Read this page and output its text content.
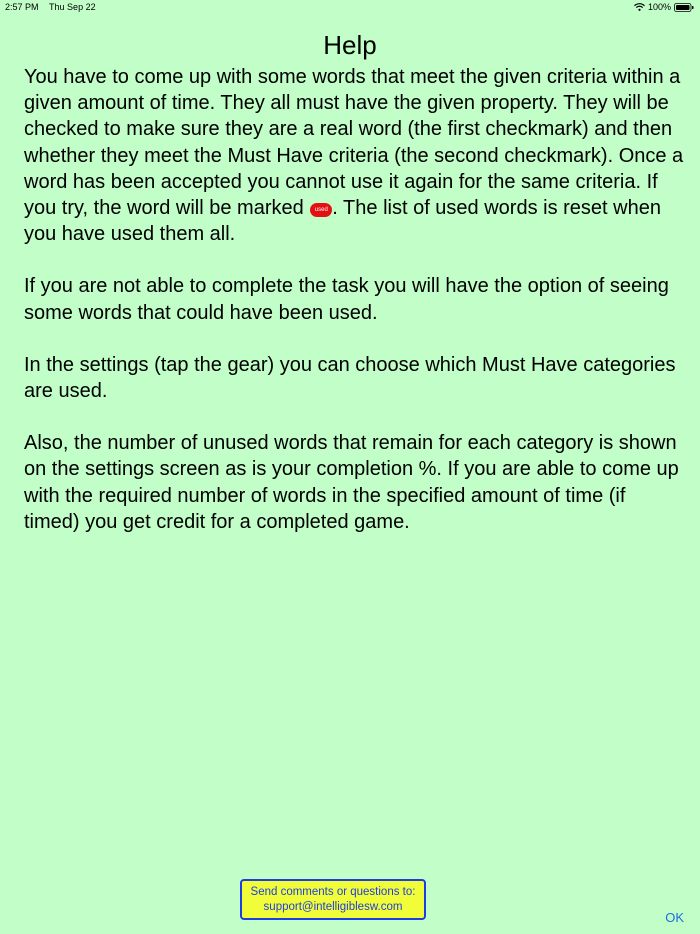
2:57 PM Thu Sep 22	100%
Help

You have to come up with some words that meet the given criteria within a given amount of time. They all must have the given property. They will be checked to make sure they are a real word (the first checkmark) and then whether they meet the Must Have criteria (the second checkmark). Once a word has been accepted you cannot use it again for the same criteria. If you try, the word will be marked used . The list of used words is reset when you have used them all.

If you are not able to complete the task you will have the option of seeing some words that could have been used.

In the settings (tap the gear) you can choose which Must Have categories are used.

Also, the number of unused words that remain for each category is shown on the settings screen as is your completion %. If you are able to come up with the required number of words in the specified amount of time (if timed) you get credit for a completed game.

Send comments or questions to:
support@intelligiblesw.com
OK
